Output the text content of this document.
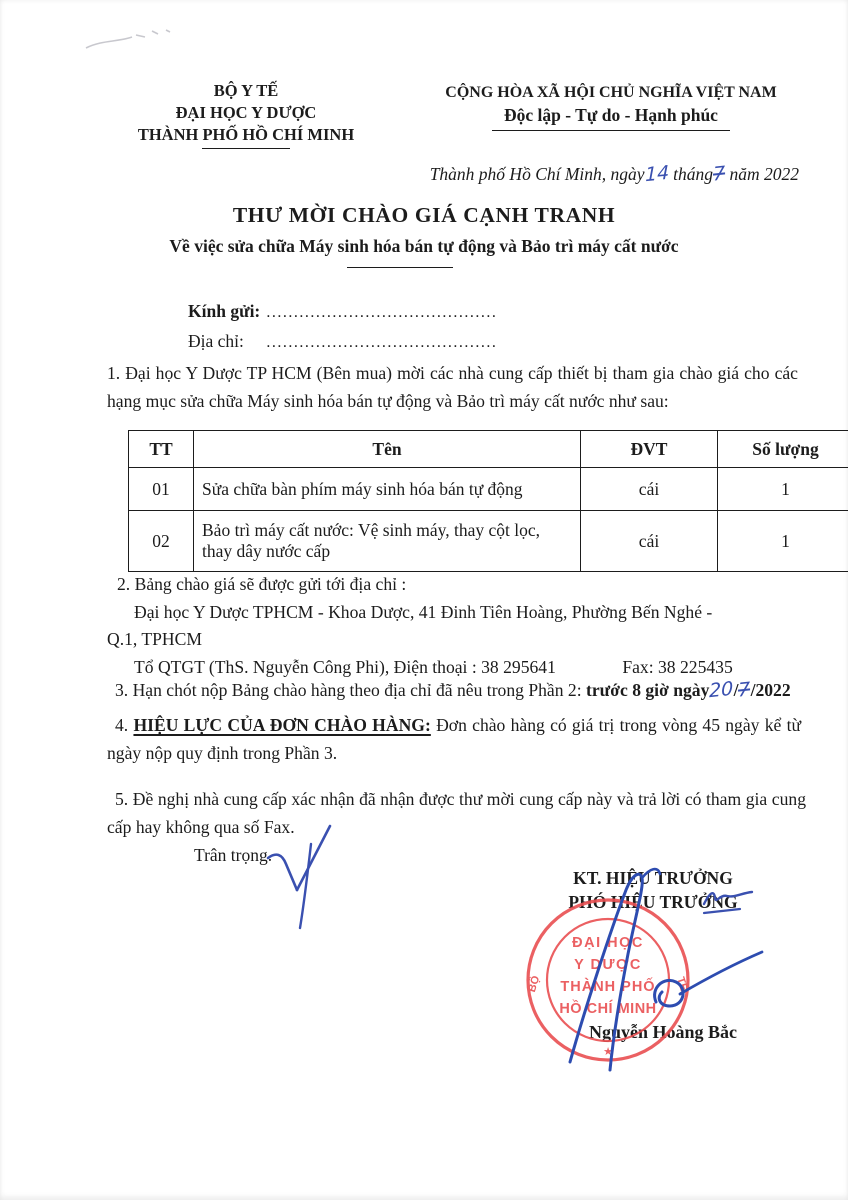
BỘ Y TẾ
ĐẠI HỌC Y DƯỢC
THÀNH PHỐ HỒ CHÍ MINH
CỘNG HÒA XÃ HỘI CHỦ NGHĨA VIỆT NAM
Độc lập - Tự do - Hạnh phúc
Thành phố Hồ Chí Minh, ngày14 tháng7 năm 2022
THƯ MỜI CHÀO GIÁ CẠNH TRANH
Về việc sửa chữa Máy sinh hóa bán tự động và Bảo trì máy cất nước
Kính gửi: ..........................................
Địa chỉ: ..........................................
1. Đại học Y Dược TP HCM (Bên mua) mời các nhà cung cấp thiết bị tham gia chào giá cho các hạng mục sửa chữa Máy sinh hóa bán tự động và Bảo trì máy cất nước như sau:
TT	Tên	ĐVT	Số lượng
01	Sửa chữa bàn phím máy sinh hóa bán tự động	cái	1
02	Bảo trì máy cất nước: Vệ sinh máy, thay cột lọc, thay dây nước cấp	cái	1
2. Bảng chào giá sẽ được gửi tới địa chỉ :
Đại học Y Dược TPHCM - Khoa Dược, 41 Đinh Tiên Hoàng, Phường Bến Nghé -
Q.1, TPHCM
Tổ QTGT (ThS. Nguyễn Công Phi), Điện thoại : 38 295641	Fax: 38 225435
3. Hạn chót nộp Bảng chào hàng theo địa chỉ đã nêu trong Phần 2: trước 8 giờ ngày20/7/2022
4. HIỆU LỰC CỦA ĐƠN CHÀO HÀNG: Đơn chào hàng có giá trị trong vòng 45 ngày kể từ ngày nộp quy định trong Phần 3.
5. Đề nghị nhà cung cấp xác nhận đã nhận được thư mời cung cấp này và trả lời có tham gia cung cấp hay không qua số Fax.
Trân trọng.
KT. HIỆU TRƯỞNG
PHÓ HIỆU TRƯỞNG
ĐẠI HỌC
Y DƯỢC
THÀNH PHỐ
HỒ CHÍ MINH
BỘ	TẾ
★
Nguyễn Hoàng Bắc
